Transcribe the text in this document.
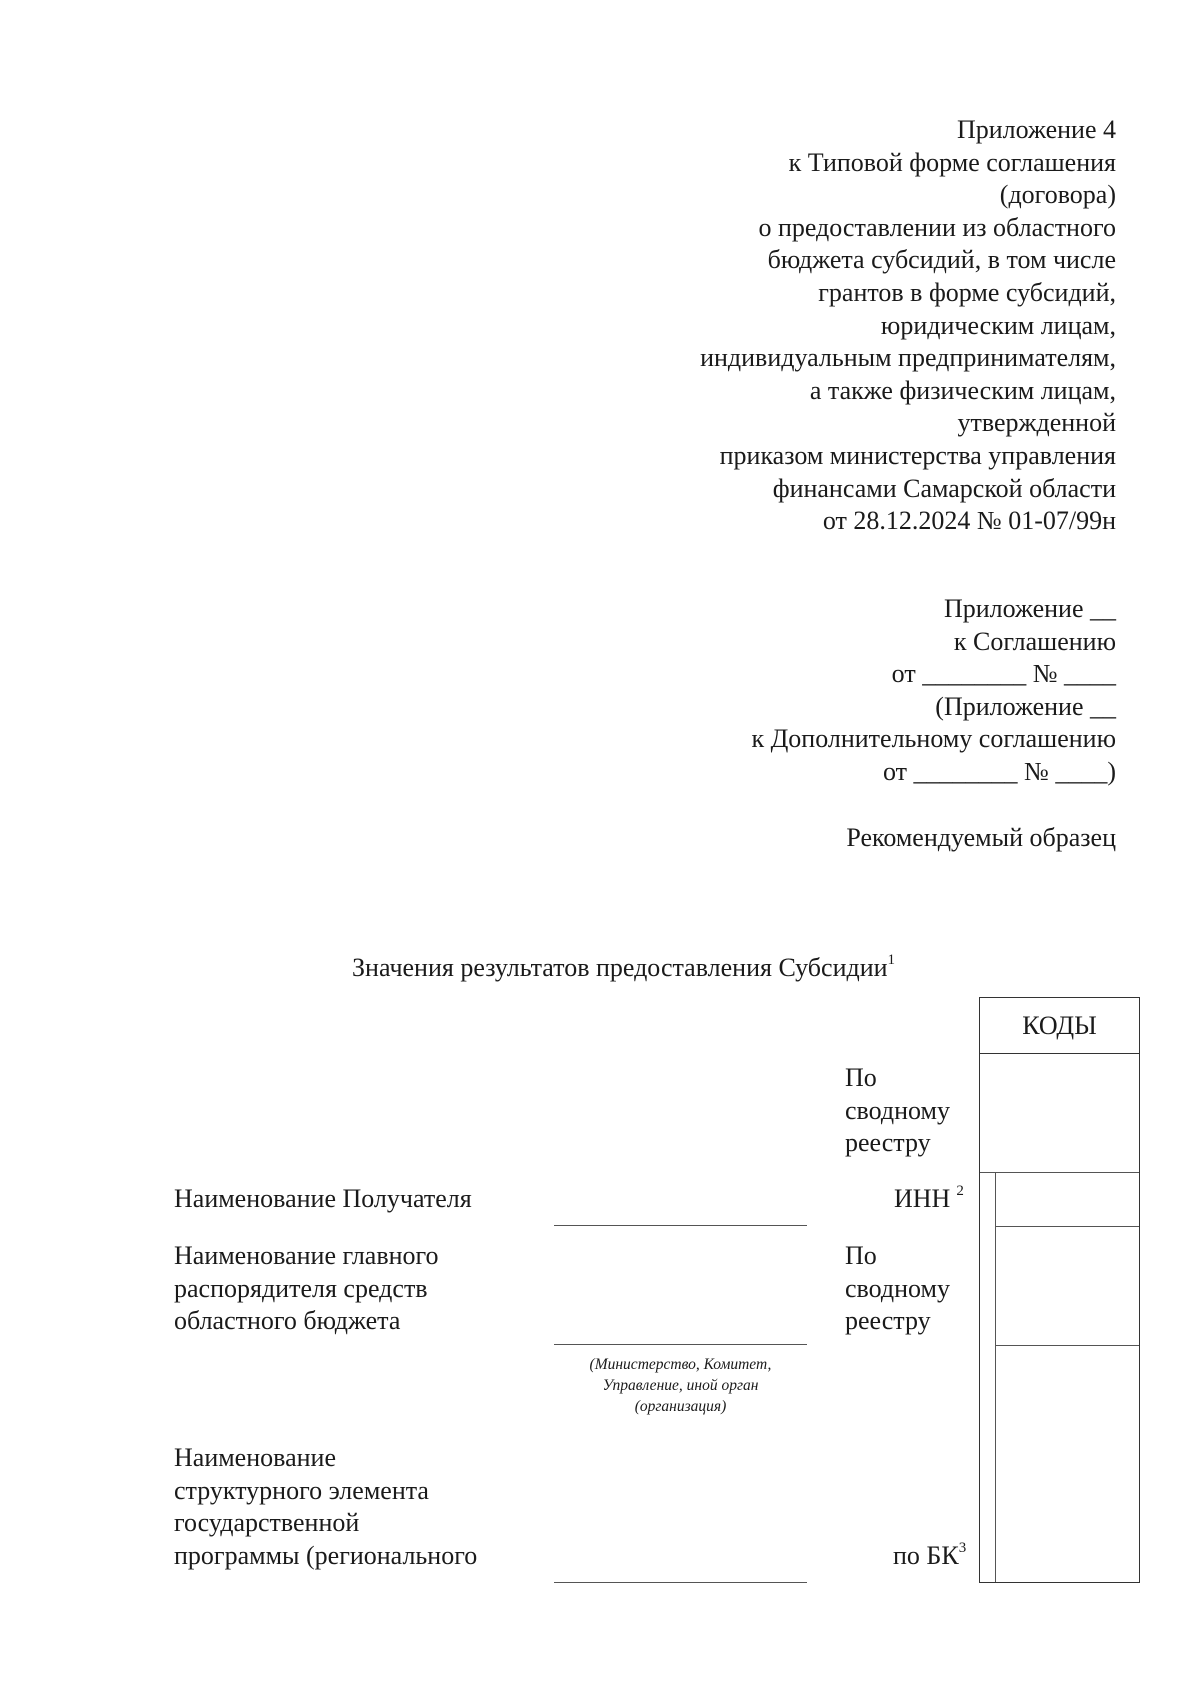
Приложение 4
к Типовой форме соглашения
(договора)
о предоставлении из областного
бюджета субсидий, в том числе
грантов в форме субсидий,
юридическим лицам,
индивидуальным предпринимателям,
а также физическим лицам,
утвержденной
приказом министерства управления
финансами Самарской области
от 28.12.2024 № 01-07/99н
Приложение __
к Соглашению
от ________ № ____
(Приложение __
к Дополнительному соглашению
от ________ № ____)
Рекомендуемый образец
Значения результатов предоставления Субсидии$^1$
КОДЫ
По
сводному
реестру
Наименование Получателя	ИНН $^2$
Наименование главного
распорядителя средств
областного бюджета
По
сводному
реестру
(Министерство, Комитет,
Управление, иной орган
(организация)
Наименование
структурного элемента
государственной
программы (регионального	по $БК^3$
